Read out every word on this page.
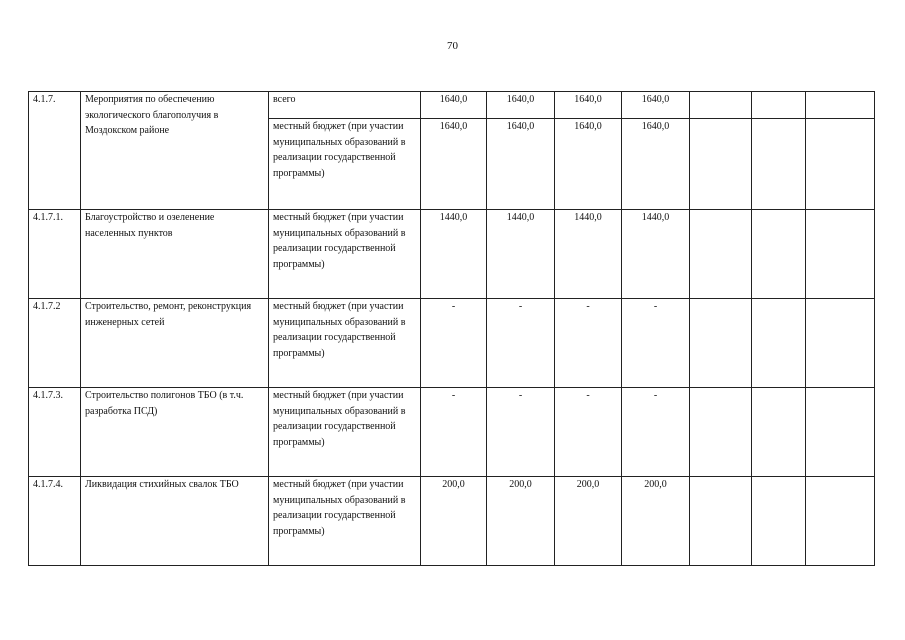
70
4.1.7.	Мероприятия по обеспечению экологического благополучия в Моздокском районе	всего	1640,0	1640,0	1640,0	1640,0			
		местный бюджет (при участии муниципальных образований в реализации государственной программы)	1640,0	1640,0	1640,0	1640,0			
4.1.7.1.	Благоустройство и озеленение населенных пунктов	местный бюджет (при участии муниципальных образований в реализации государственной программы)	1440,0	1440,0	1440,0	1440,0			
4.1.7.2	Строительство, ремонт, реконструкция инженерных сетей	местный бюджет (при участии муниципальных образований в реализации государственной программы)	-	-	-	-			
4.1.7.3.	Строительство полигонов ТБО (в т.ч. разработка ПСД)	местный бюджет (при участии муниципальных образований в реализации государственной программы)	-	-	-	-			
4.1.7.4.	Ликвидация стихийных свалок ТБО	местный бюджет (при участии муниципальных образований в реализации государственной программы)	200,0	200,0	200,0	200,0			
